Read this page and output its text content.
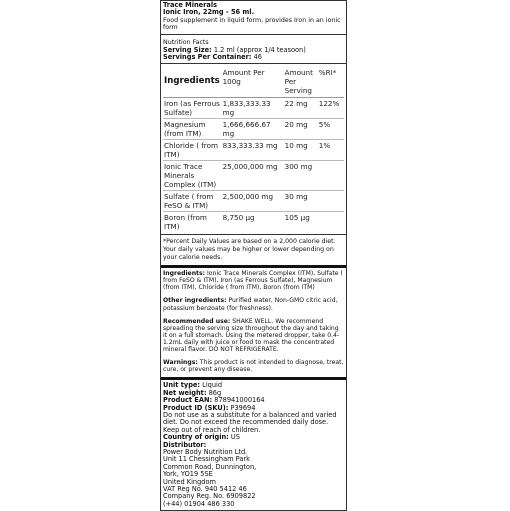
Trace Minerals
Ionic Iron, 22mg - 56 ml.
Food supplement in liquid form, provides Iron in an ionic form
Nutrition Facts
Serving Size: 1.2 ml (approx 1/4 teasoon)
Servings Per Container: 46
Ingredients	Amount Per 100g	Amount Per Serving	%RI*
Iron (as Ferrous Sulfate)	1,833,333.33 mg	22 mg	122%
Magnesium (from ITM)	1,666,666.67 mg	20 mg	5%
Chloride ( from ITM)	833,333.33 mg	10 mg	1%
Ionic Trace Minerals Complex (ITM)	25,000,000 mg	300 mg	
Sulfate ( from FeSO & ITM)	2,500,000 mg	30 mg	
Boron (from ITM)	8,750 µg	105 µg	
*Percent Daily Values are based on a 2,000 calorie diet. Your daily values may be higher or lower depending on your calorie needs.

Ingredients: Ionic Trace Minerals Complex (ITM), Sulfate ( from FeSO & ITM), Iron (as Ferrous Sulfate), Magnesium (from ITM), Chloride ( from ITM), Boron (from ITM)

Other ingredients: Purified water, Non-GMO citric acid, potassium benzoate (for freshness).

Recommended use: SHAKE WELL. We recommend spreading the serving size throughout the day and taking it on a full stomach. Using the metered dropper, take 0.4-1.2mL daily with juice or food to mask the concentrated mineral flavor. DO NOT REFRIGERATE.

Warnings: This product is not intended to diagnose, treat, cure, or prevent any disease.

Unit type: Liquid
Net weight: 86g
Product EAN: 878941000164
Product ID (SKU): P39694
Do not use as a substitute for a balanced and varied diet. Do not exceed the recommended daily dose. Keep out of reach of children.
Country of origin: US
Distributor:
Power Body Nutrition Ltd.
Unit 11 Chessingham Park
Common Road, Dunnington,
York, YO19 5SE
United Kingdom
VAT Reg No. 940 5412 46
Company Reg. No. 6909822
(+44) 01904 486 330
